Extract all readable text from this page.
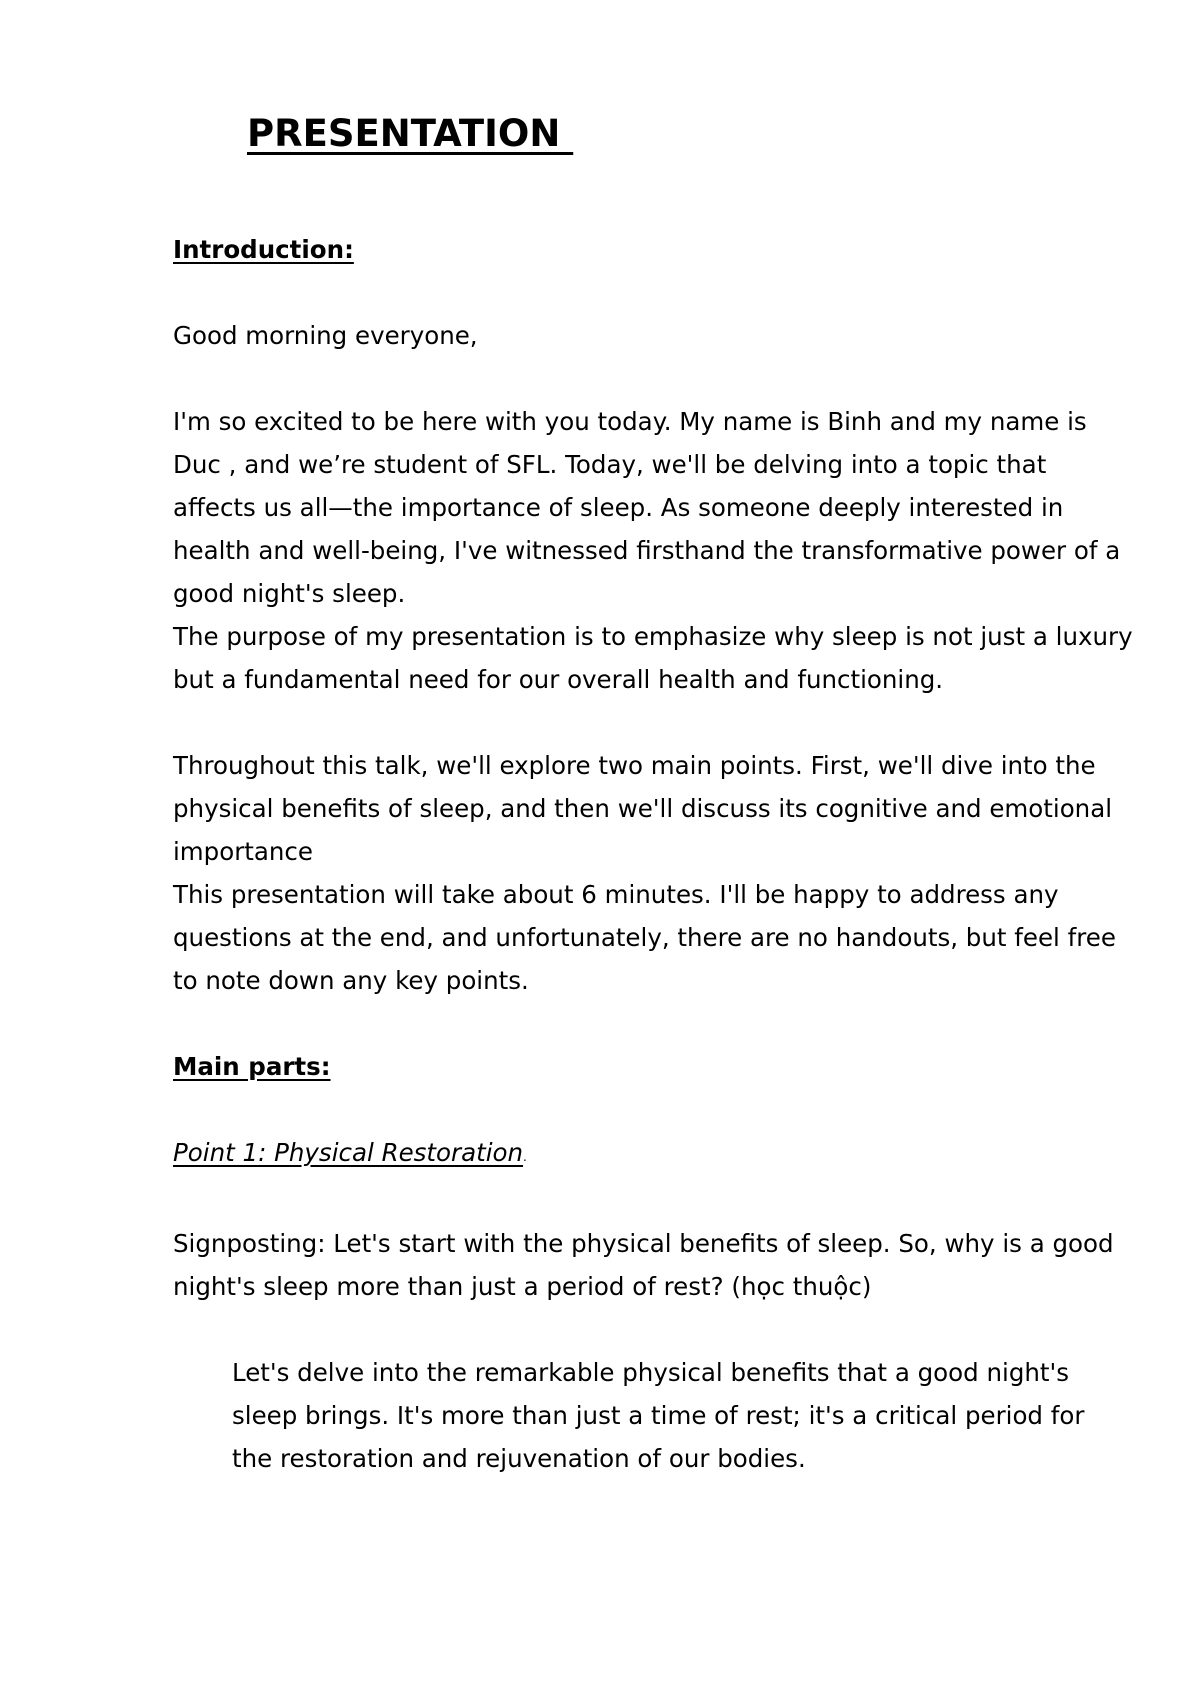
PRESENTATION

Introduction:

Good morning everyone,

I'm so excited to be here with you today. My name is Binh and my name is Duc , and we’re student of SFL. Today, we'll be delving into a topic that affects us all—the importance of sleep. As someone deeply interested in health and well-being, I've witnessed firsthand the transformative power of a good night's sleep.

The purpose of my presentation is to emphasize why sleep is not just a luxury but a fundamental need for our overall health and functioning.

Throughout this talk, we'll explore two main points. First, we'll dive into the physical benefits of sleep, and then we'll discuss its cognitive and emotional importance

This presentation will take about 6 minutes. I'll be happy to address any questions at the end, and unfortunately, there are no handouts, but feel free to note down any key points.

Main parts:

Point 1: Physical Restoration.

Signposting: Let's start with the physical benefits of sleep. So, why is a good night's sleep more than just a period of rest? (học thuộc)

Let's delve into the remarkable physical benefits that a good night's sleep brings. It's more than just a time of rest; it's a critical period for the restoration and rejuvenation of our bodies.
